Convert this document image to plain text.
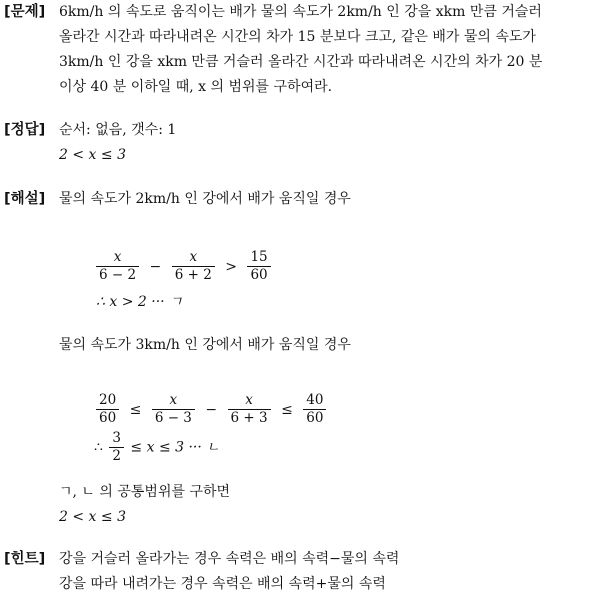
[문제] 6km/h 의 속도로 움직이는 배가 물의 속도가 2km/h 인 강을 xkm 만큼 거슬러
올라간 시간과 따라내려온 시간의 차가 15 분보다 크고, 같은 배가 물의 속도가
3km/h 인 강을 xkm 만큼 거슬러 올라간 시간과 따라내려온 시간의 차가 20 분
이상 40 분 이하일 때, x 의 범위를 구하여라.
[정답] 순서: 없음, 갯수: 1
2 < x ≤ 3
[해설] 물의 속도가 2km/h 인 강에서 배가 움직일 경우
$\frac{x}{6 - 2} - \frac{x}{6 + 2} > \frac{15}{60}$
∴ x > 2 ··· ㄱ
물의 속도가 3km/h 인 강에서 배가 움직일 경우
$\frac{20}{60} \le \frac{x}{6 - 3} - \frac{x}{6 + 3} \le \frac{40}{60}$
∴ $\frac{3}{2} \le x \le 3$ ··· ㄴ
ㄱ, ㄴ 의 공통범위를 구하면
2 < x ≤ 3
[힌트] 강을 거슬러 올라가는 경우 속력은 배의 속력−물의 속력
강을 따라 내려가는 경우 속력은 배의 속력+물의 속력
